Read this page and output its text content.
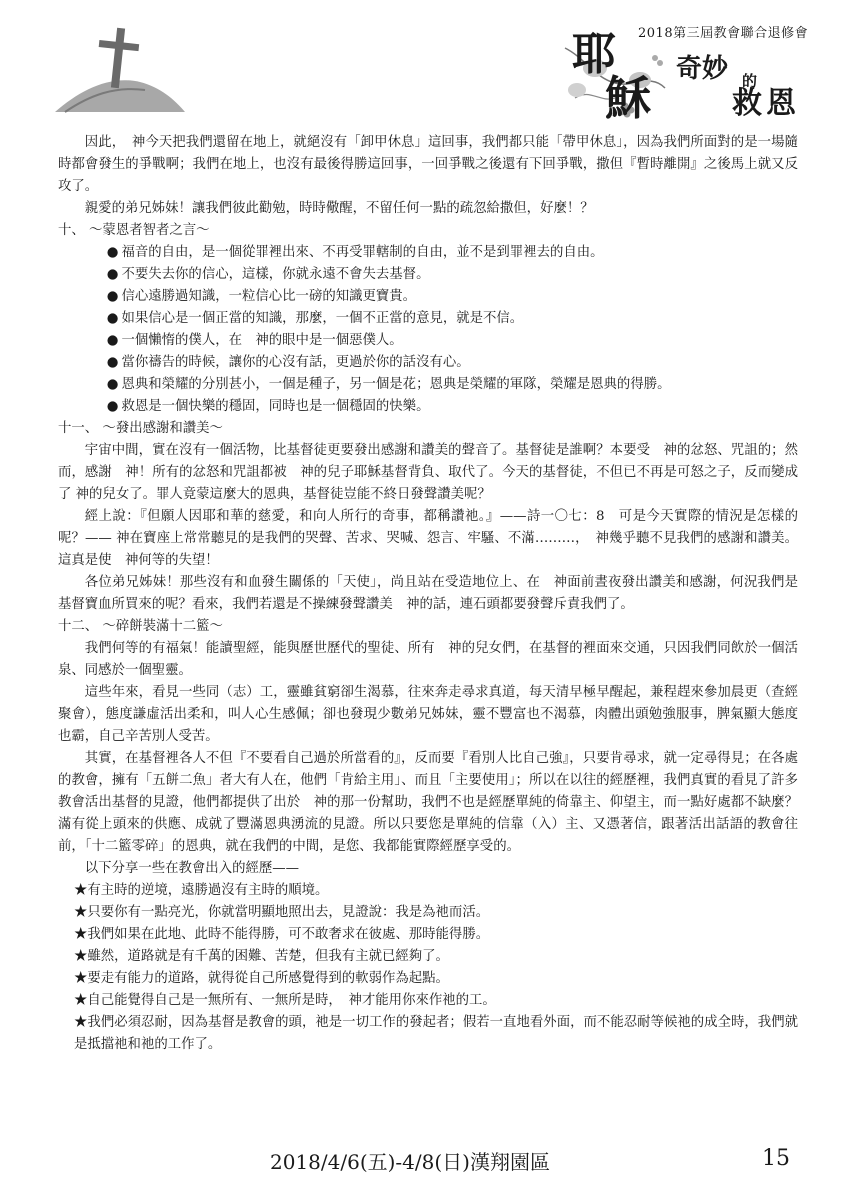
2018第三屆教會聯合退修會
耶
穌
奇妙 的
救恩

因此，　神今天把我們還留在地上，就絕沒有「卸甲休息」這回事，我們都只能「帶甲休息」，因為我們所面對的是一場隨時都會發生的爭戰啊；我們在地上，也沒有最後得勝這回事，一回爭戰之後還有下回爭戰，撒但『暫時離開』之後馬上就又反攻了。

親愛的弟兄姊妹！讓我們彼此勸勉，時時儆醒，不留任何一點的疏忽給撒但，好麼！？

十、 ～蒙恩者智者之言～

● 福音的自由，是一個從罪裡出來、不再受罪轄制的自由，並不是到罪裡去的自由。

● 不要失去你的信心，這樣，你就永遠不會失去基督。

● 信心遠勝過知識，一粒信心比一磅的知識更寶貴。

● 如果信心是一個正當的知識，那麼，一個不正當的意見，就是不信。

● 一個懶惰的僕人，在　神的眼中是一個惡僕人。

● 當你禱告的時候，讓你的心沒有話，更過於你的話沒有心。

● 恩典和榮耀的分別甚小，一個是種子，另一個是花；恩典是榮耀的軍隊，榮耀是恩典的得勝。

● 救恩是一個快樂的穩固，同時也是一個穩固的快樂。

十一、 ～發出感謝和讚美～

宇宙中間，實在沒有一個活物，比基督徒更要發出感謝和讚美的聲音了。基督徒是誰啊？本要受　神的忿怒、咒詛的；然而，感謝　神！所有的忿怒和咒詛都被　神的兒子耶穌基督背負、取代了。今天的基督徒，不但已不再是可怒之子，反而變成了 神的兒女了。罪人竟蒙這麼大的恩典，基督徒豈能不終日發聲讚美呢？

經上說：『但願人因耶和華的慈愛，和向人所行的奇事，都稱讚祂。』——詩一〇七：8　可是今天實際的情況是怎樣的呢？—— 神在寶座上常常聽見的是我們的哭聲、苦求、哭喊、怨言、牢騷、不滿………，　神幾乎聽不見我們的感謝和讚美。這真是使　神何等的失望！

各位弟兄姊妹！那些沒有和血發生關係的「天使」，尚且站在受造地位上、在　神面前晝夜發出讚美和感謝，何況我們是基督寶血所買來的呢？看來，我們若還是不操練發聲讚美　神的話，連石頭都要發聲斥責我們了。

十二、 ～碎餅裝滿十二籃～

我們何等的有福氣！能讀聖經，能與歷世歷代的聖徒、所有　神的兒女們，在基督的裡面來交通，只因我們同飲於一個活泉、同感於一個聖靈。

這些年來，看見一些同（志）工，靈雖貧窮卻生渴慕，往來奔走尋求真道，每天清早極早醒起，兼程趕來參加晨更（查經聚會），態度謙虛活出柔和，叫人心生感佩；卻也發現少數弟兄姊妹，靈不豐富也不渴慕，肉體出頭勉強服事，脾氣顯大態度也霸，自己辛苦別人受苦。

其實，在基督裡各人不但『不要看自己過於所當看的』，反而要『看別人比自己強』，只要肯尋求，就一定尋得見；在各處的教會，擁有「五餅二魚」者大有人在，他們「肯給主用」、而且「主要使用」；所以在以往的經歷裡，我們真實的看見了許多教會活出基督的見證，他們都提供了出於　神的那一份幫助，我們不也是經歷單純的倚靠主、仰望主，而一點好處都不缺麼？滿有從上頭來的供應、成就了豐滿恩典湧流的見證。所以只要您是單純的信靠（入）主、又憑著信，跟著活出話語的教會往前，「十二籃零碎」的恩典，就在我們的中間，是您、我都能實際經歷享受的。

以下分享一些在教會出入的經歷——

★有主時的逆境，遠勝過沒有主時的順境。

★只要你有一點亮光，你就當明顯地照出去，見證說：我是為祂而活。

★我們如果在此地、此時不能得勝，可不敢奢求在彼處、那時能得勝。

★雖然，道路就是有千萬的困難、苦楚，但我有主就已經夠了。

★要走有能力的道路，就得從自己所感覺得到的軟弱作為起點。

★自己能覺得自己是一無所有、一無所是時，　神才能用你來作祂的工。

★我們必須忍耐，因為基督是教會的頭，祂是一切工作的發起者；假若一直地看外面，而不能忍耐等候祂的成全時，我們就是抵擋祂和祂的工作了。

2018/4/6(五)-4/8(日)漢翔園區	15
